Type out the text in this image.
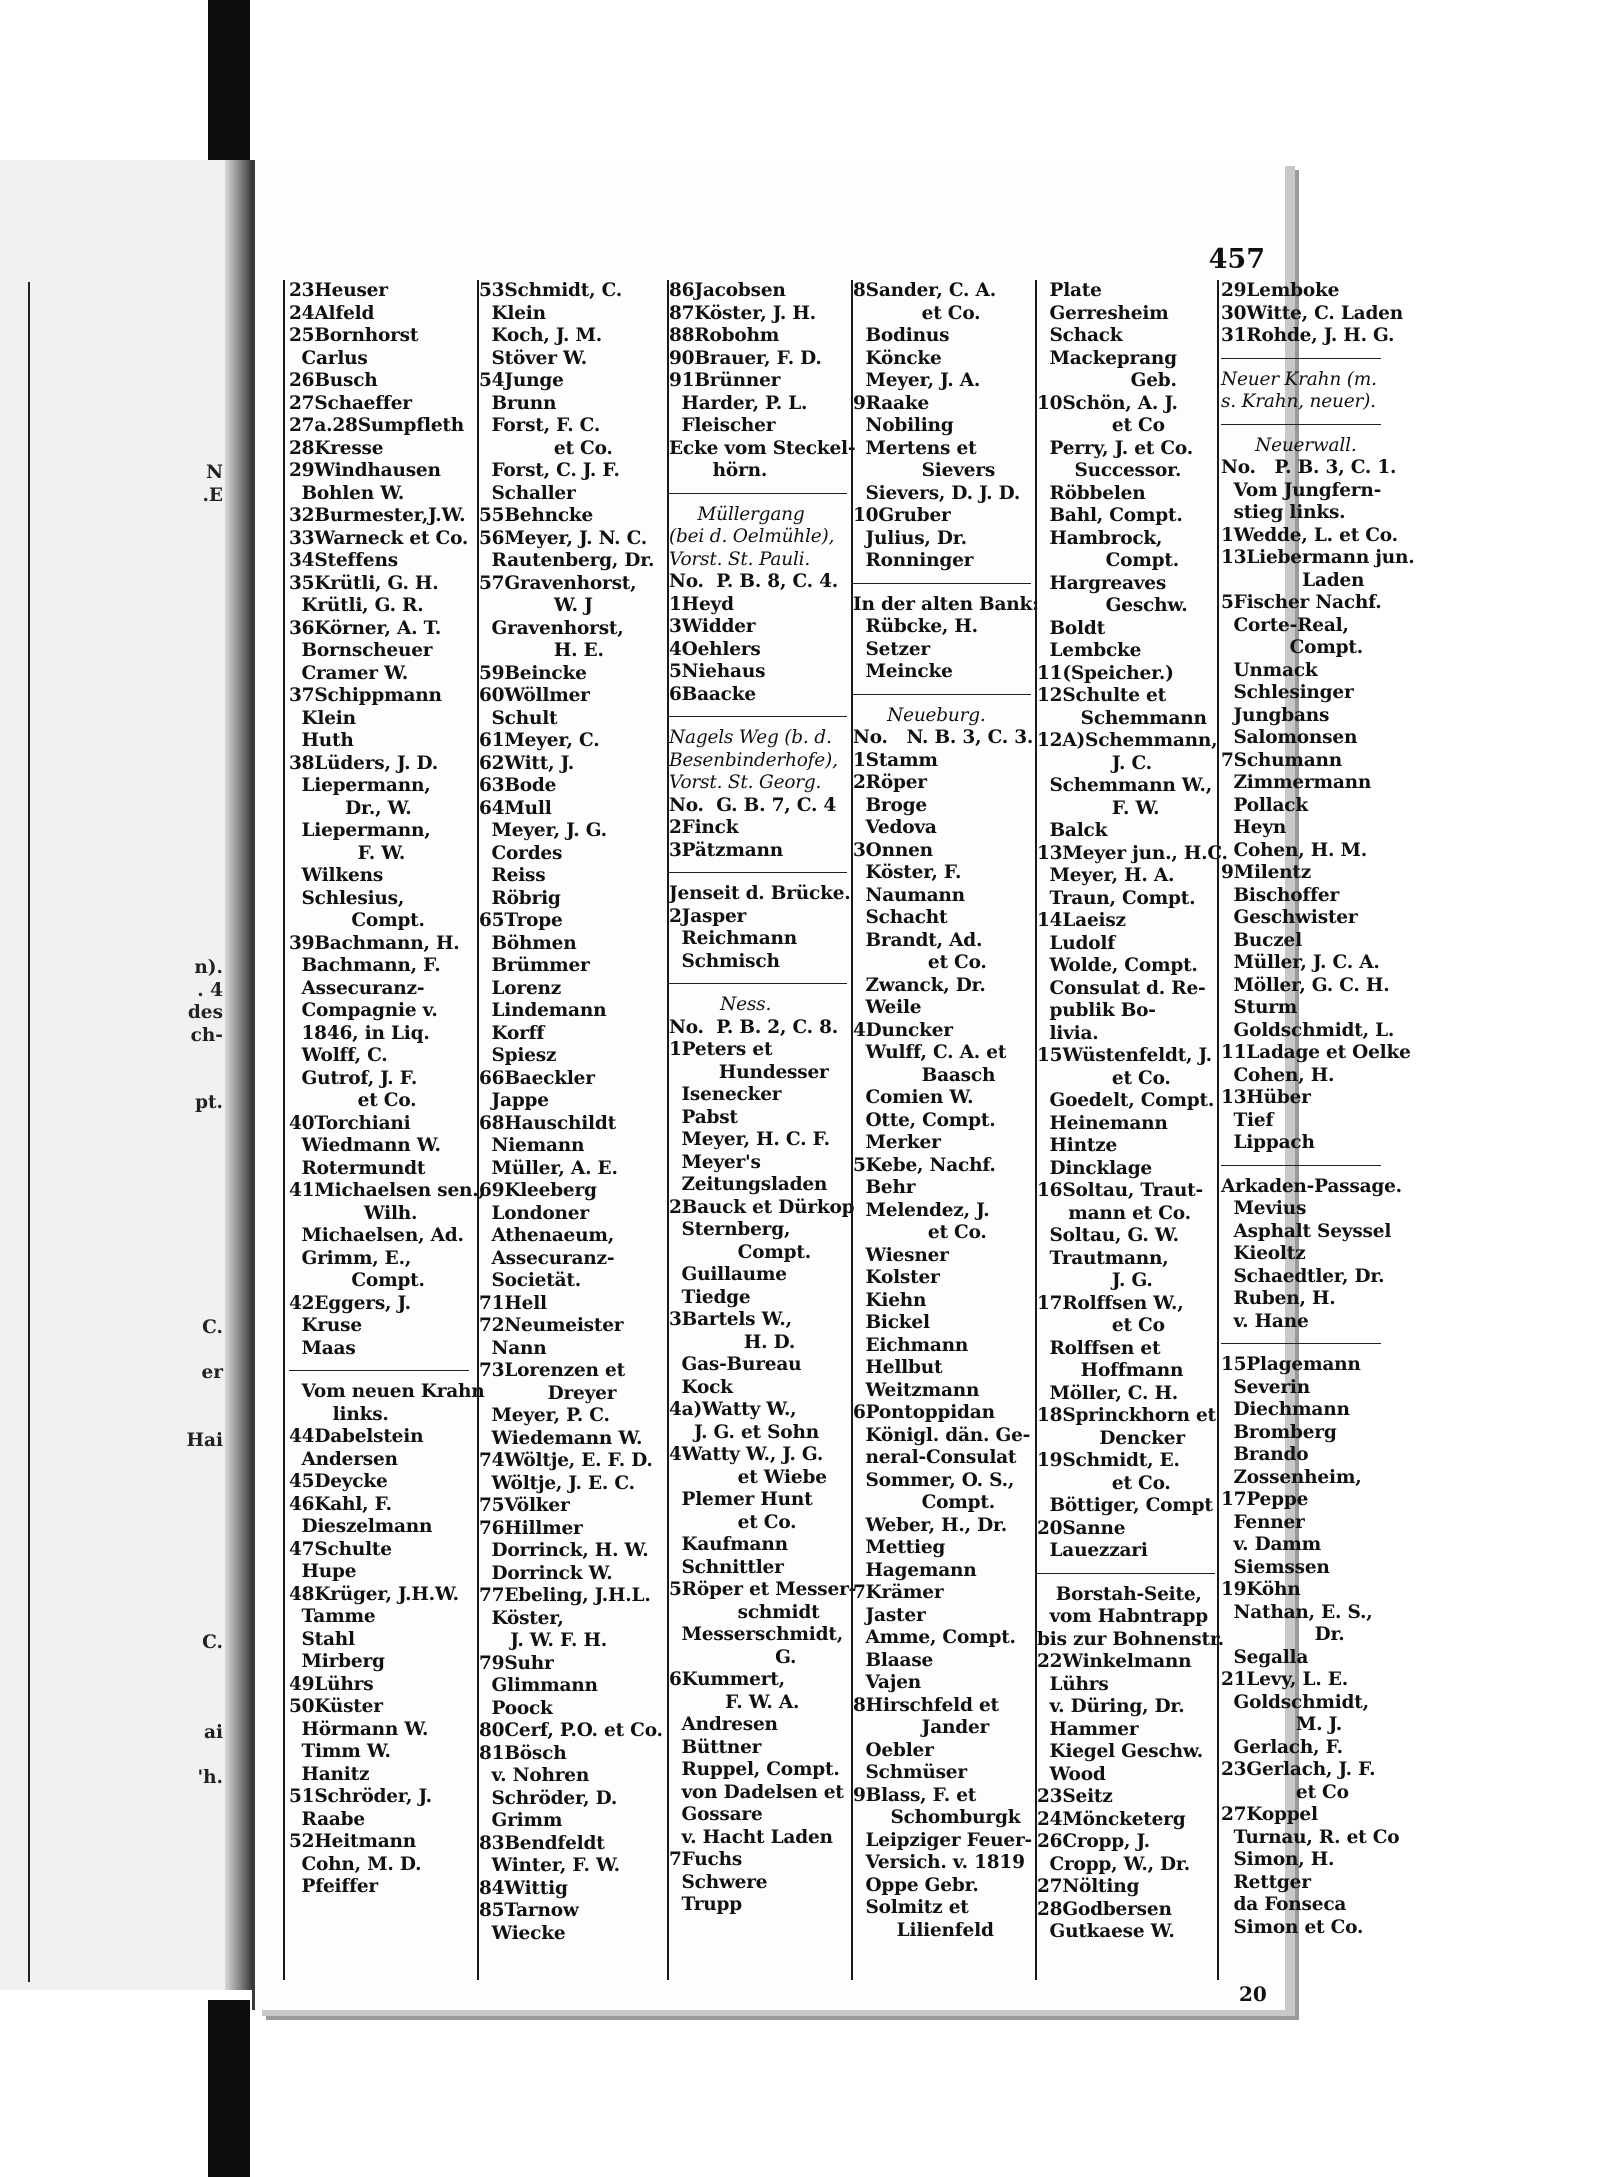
N
.E
n).
. 4
des
ch-
pt.
C.
er
Hai
C.
ai
'h.
457
23Heuser
24Alfeld
25Bornhorst
Carlus
26Busch
27Schaeffer
27a.28Sumpfleth
28Kresse
29Windhausen
Bohlen W.
32Burmester,J.W.
33Warneck et Co.
34Steffens
35Krütli, G. H.
Krütli, G. R.
36Körner, A. T.
Bornscheuer
Cramer W.
37Schippmann
Klein
Huth
38Lüders, J. D.
Liepermann,
Dr., W.
Liepermann,
F. W.
Wilkens
Schlesius,
Compt.
39Bachmann, H.
Bachmann, F.
Assecuranz-
Compagnie v.
1846, in Liq.
Wolff, C.
Gutrof, J. F.
et Co.
40Torchiani
Wiedmann W.
Rotermundt
41Michaelsen sen.,
Wilh.
Michaelsen, Ad.
Grimm, E.,
Compt.
42Eggers, J.
Kruse
Maas
Vom neuen Krahn
links.
44Dabelstein
Andersen
45Deycke
46Kahl, F.
Dieszelmann
47Schulte
Hupe
48Krüger, J.H.W.
Tamme
Stahl
Mirberg
49Lührs
50Küster
Hörmann W.
Timm W.
Hanitz
51Schröder, J.
Raabe
52Heitmann
Cohn, M. D.
Pfeiffer
53Schmidt, C.
Klein
Koch, J. M.
Stöver W.
54Junge
Brunn
Forst, F. C.
et Co.
Forst, C. J. F.
Schaller
55Behncke
56Meyer, J. N. C.
Rautenberg, Dr.
57Gravenhorst,
W. J
Gravenhorst,
H. E.
59Beincke
60Wöllmer
Schult
61Meyer, C.
62Witt, J.
63Bode
64Mull
Meyer, J. G.
Cordes
Reiss
Röbrig
65Trope
Böhmen
Brümmer
Lorenz
Lindemann
Korff
Spiesz
66Baeckler
Jappe
68Hauschildt
Niemann
Müller, A. E.
69Kleeberg
Londoner
Athenaeum,
Assecuranz-
Societät.
71Hell
72Neumeister
Nann
73Lorenzen et
Dreyer
Meyer, P. C.
Wiedemann W.
74Wöltje, E. F. D.
Wöltje, J. E. C.
75Völker
76Hillmer
Dorrinck, H. W.
Dorrinck W.
77Ebeling, J.H.L.
Köster,
J. W. F. H.
79Suhr
Glimmann
Poock
80Cerf, P.O. et Co.
81Bösch
v. Nohren
Schröder, D.
Grimm
83Bendfeldt
Winter, F. W.
84Wittig
85Tarnow
Wiecke
86Jacobsen
87Köster, J. H.
88Robohm
90Brauer, F. D.
91Brünner
Harder, P. L.
Fleischer
Ecke vom Steckel-
hörn.
Müllergang
(bei d. Oelmühle),
Vorst. St. Pauli.
No.  P. B. 8, C. 4.
1Heyd
3Widder
4Oehlers
5Niehaus
6Baacke
Nagels Weg (b. d.
Besenbinderhofe),
Vorst. St. Georg.
No.  G. B. 7, C. 4
2Finck
3Pätzmann
Jenseit d. Brücke.
2Jasper
Reichmann
Schmisch
Ness.
No.  P. B. 2, C. 8.
1Peters et
Hundesser
Isenecker
Pabst
Meyer, H. C. F.
Meyer's
Zeitungsladen
2Bauck et Dürkop
Sternberg,
Compt.
Guillaume
Tiedge
3Bartels W.,
H. D.
Gas-Bureau
Kock
4a)Watty W.,
J. G. et Sohn
4Watty W., J. G.
et Wiebe
Plemer Hunt
et Co.
Kaufmann
Schnittler
5Röper et Messer-
schmidt
Messerschmidt,
G.
6Kummert,
F. W. A.
Andresen
Büttner
Ruppel, Compt.
von Dadelsen et
Gossare
v. Hacht Laden
7Fuchs
Schwere
Trupp
8Sander, C. A.
et Co.
Bodinus
Köncke
Meyer, J. A.
9Raake
Nobiling
Mertens et
Sievers
Sievers, D. J. D.
10Gruber
Julius, Dr.
Ronninger
In der alten Bank:
Rübcke, H.
Setzer
Meincke
Neueburg.
No.   N. B. 3, C. 3.
1Stamm
2Röper
Broge
Vedova
3Onnen
Köster, F.
Naumann
Schacht
Brandt, Ad.
et Co.
Zwanck, Dr.
Weile
4Duncker
Wulff, C. A. et
Baasch
Comien W.
Otte, Compt.
Merker
5Kebe, Nachf.
Behr
Melendez, J.
et Co.
Wiesner
Kolster
Kiehn
Bickel
Eichmann
Hellbut
Weitzmann
6Pontoppidan
Königl. dän. Ge-
neral-Consulat
Sommer, O. S.,
Compt.
Weber, H., Dr.
Mettieg
Hagemann
7Krämer
Jaster
Amme, Compt.
Blaase
Vajen
8Hirschfeld et
Jander
Oebler
Schmüser
9Blass, F. et
Schomburgk
Leipziger Feuer-
Versich. v. 1819
Oppe Gebr.
Solmitz et
Lilienfeld
Plate
Gerresheim
Schack
Mackeprang
Geb.
10Schön, A. J.
et Co
Perry, J. et Co.
Successor.
Röbbelen
Bahl, Compt.
Hambrock,
Compt.
Hargreaves
Geschw.
Boldt
Lembcke
11(Speicher.)
12Schulte et
Schemmann
12A)Schemmann,
J. C.
Schemmann W.,
F. W.
Balck
13Meyer jun., H.C.
Meyer, H. A.
Traun, Compt.
14Laeisz
Ludolf
Wolde, Compt.
Consulat d. Re-
publik Bo-
livia.
15Wüstenfeldt, J.
et Co.
Goedelt, Compt.
Heinemann
Hintze
Dincklage
16Soltau, Traut-
mann et Co.
Soltau, G. W.
Trautmann,
J. G.
17Rolffsen W.,
et Co
Rolffsen et
Hoffmann
Möller, C. H.
18Sprinckhorn et
Dencker
19Schmidt, E.
et Co.
Böttiger, Compt
20Sanne
Lauezzari
Borstah-Seite,
vom Habntrapp
bis zur Bohnenstr.
22Winkelmann
Lührs
v. Düring, Dr.
Hammer
Kiegel Geschw.
Wood
23Seitz
24Möncketerg
26Cropp, J.
Cropp, W., Dr.
27Nölting
28Godbersen
Gutkaese W.
29Lemboke
30Witte, C. Laden
31Rohde, J. H. G.
Neuer Krahn (m.
s. Krahn, neuer).
Neuerwall.
No.   P. B. 3, C. 1.
Vom Jungfern-
stieg links.
1Wedde, L. et Co.
13Liebermann jun.
Laden
5Fischer Nachf.
Corte-Real,
Compt.
Unmack
Schlesinger
Jungbans
Salomonsen
7Schumann
Zimmermann
Pollack
Heyn
Cohen, H. M.
9Milentz
Bischoffer
Geschwister
Buczel
Müller, J. C. A.
Möller, G. C. H.
Sturm
Goldschmidt, L.
11Ladage et Oelke
Cohen, H.
13Hüber
Tief
Lippach
Arkaden-Passage.
Mevius
Asphalt Seyssel
Kieoltz
Schaedtler, Dr.
Ruben, H.
v. Hane
15Plagemann
Severin
Diechmann
Bromberg
Brando
Zossenheim,
17Peppe
Fenner
v. Damm
Siemssen
19Köhn
Nathan, E. S.,
Dr.
Segalla
21Levy, L. E.
Goldschmidt,
M. J.
Gerlach, F.
23Gerlach, J. F.
et Co
27Koppel
Turnau, R. et Co
Simon, H.
Rettger
da Fonseca
Simon et Co.
20
